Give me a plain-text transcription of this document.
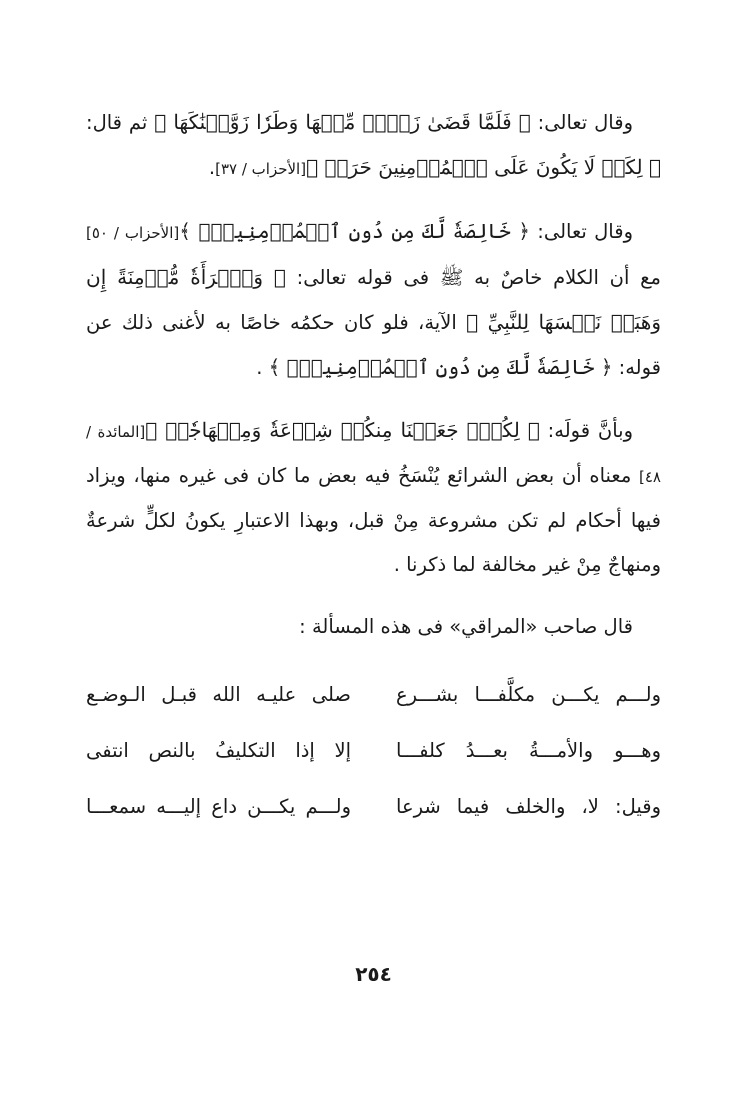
وقال تعالى: ﴿ فَلَمَّا قَضَىٰ زَيۡدٞ مِّنۡهَا وَطَرٗا زَوَّجۡنَٰكَهَا ﴾ ثم قال: ﴿ لِكَيۡ لَا يَكُونَ عَلَى ٱلۡمُؤۡمِنِينَ حَرَجٞ ﴾[الأحزاب / ٣٧].

وقال تعالى: ﴿ خَالِصَةٗ لَّكَ مِن دُونِ ٱلۡمُؤۡمِنِينَۗ ﴾[الأحزاب / ٥٠] مع أن الكلام خاصٌ به ﷺ فى قوله تعالى: ﴿ وَٱمۡرَأَةٗ مُّؤۡمِنَةً إِن وَهَبَتۡ نَفۡسَهَا لِلنَّبِيِّ ﴾ الآية، فلو كان حكمُه خاصًا به لأغنى ذلك عن قوله: ﴿ خَالِصَةٗ لَّكَ مِن دُونِ ٱلۡمُؤۡمِنِينَۗ ﴾ .

وبأنَّ قولَه: ﴿ لِكُلّٖ جَعَلۡنَا مِنكُمۡ شِرۡعَةٗ وَمِنۡهَاجٗاۚ ﴾[المائدة / ٤٨] معناه أن بعض الشرائع يُنْسَخُ فيه بعض ما كان فى غيره منها، ويزاد فيها أحكام لم تكن مشروعة مِنْ قبل، وبهذا الاعتبارِ يكونُ لكلٍّ شرعةٌ ومنهاجٌ مِنْ غير مخالفة لما ذكرنا .

قال صاحب «المراقي» فى هذه المسألة :

ولـــم يكـــن مكلَّفـــا بشـــرع
صلى عليـه الله قبـل الـوضـع
وهـــو والأمـــةُ بعـــدُ كلفـــا
إلا إذا التكليفُ بالنص انتفى
وقيل: لا، والخلف فيما شرعا
ولـــم يكـــن داع إليـــه سمعـــا
٢٥٤
